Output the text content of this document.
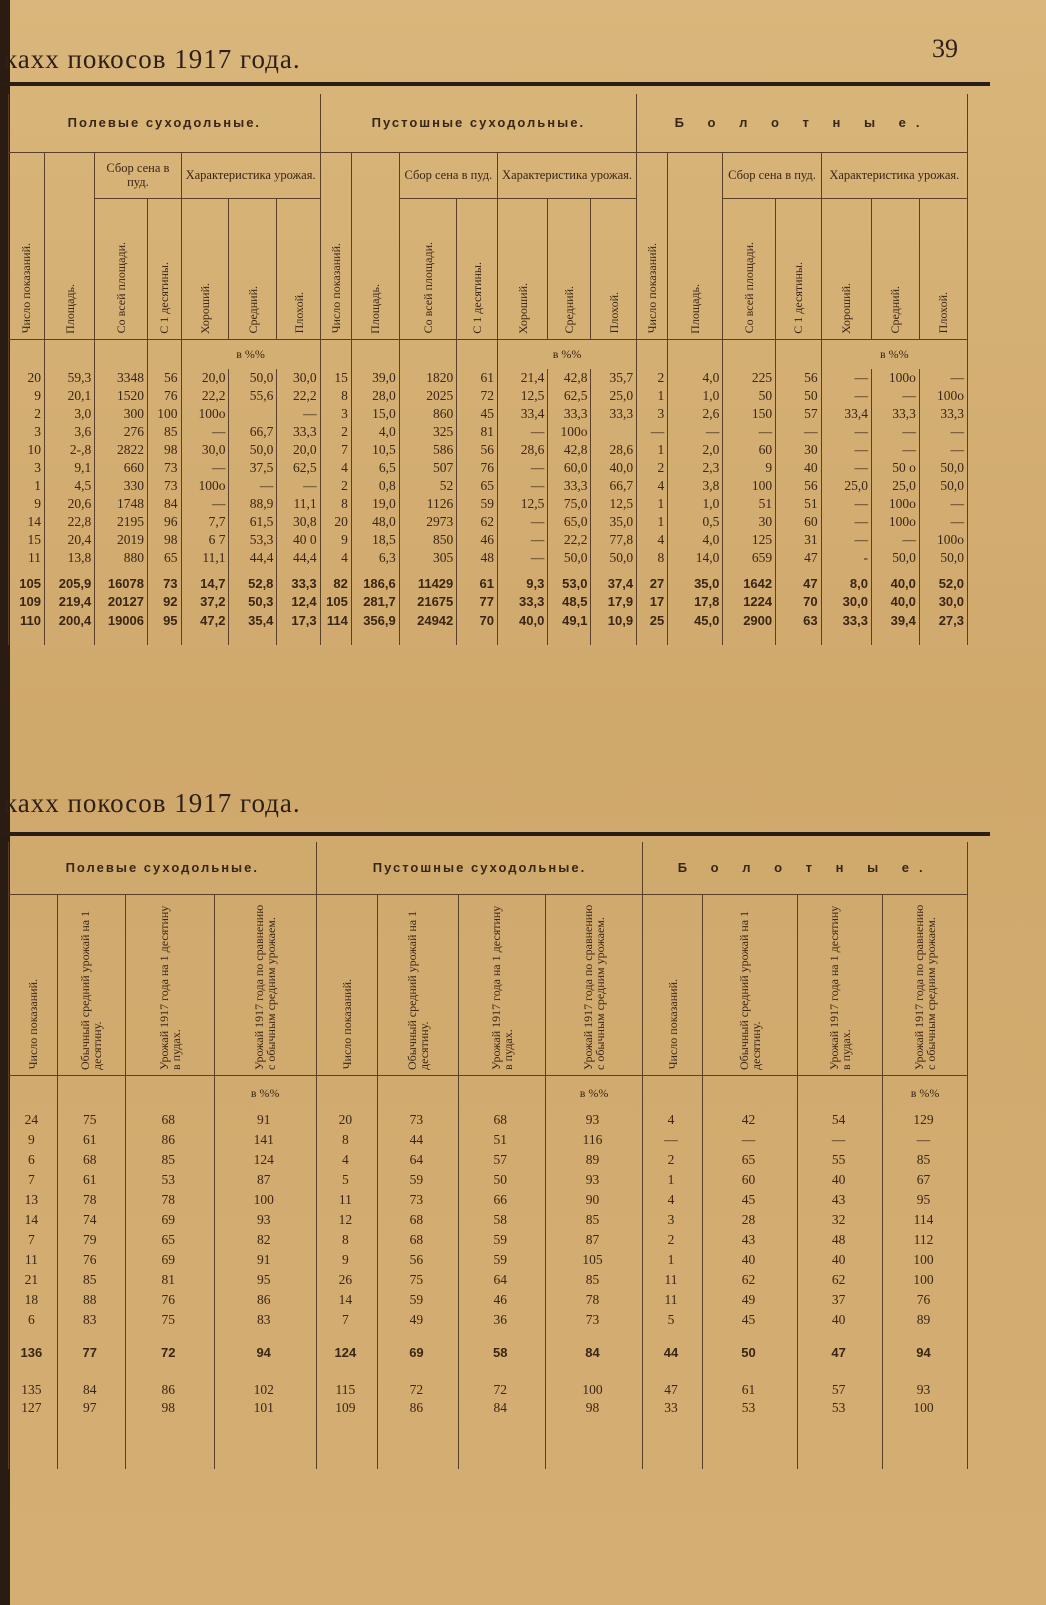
кахх покосов 1917 года.	39
Полевые суходольные.							Пустошные суходольные.							Б о л о т н ы е.						
Число показаний.	Площадь.	Сбор сена в пуд.		Характеристика урожая.			Число показаний.	Площадь.	Сбор сена в пуд.		Характеристика урожая.			Число показаний.	Площадь.	Сбор сена в пуд.		Характеристика урожая.		
		Со всей площади.	С 1 десятины.	Хороший.	Средний.	Плохой.			Со всей площади.	С 1 десятины.	Хороший.	Средний.	Плохой.			Со всей площади.	С 1 десятины.	Хороший.	Средний.	Плохой.
				в %%							в %%							в %%		
20	59,3	3348	56	20,0	50,0	30,0	15	39,0	1820	61	21,4	42,8	35,7	2	4,0	225	56	—	100o	—
9	20,1	1520	76	22,2	55,6	22,2	8	28,0	2025	72	12,5	62,5	25,0	1	1,0	50	50	—	—	100o
2	3,0	300	100	100o		—	3	15,0	860	45	33,4	33,3	33,3	3	2,6	150	57	33,4	33,3	33,3
3	3,6	276	85	—	66,7	33,3	2	4,0	325	81	—	100o		—	—	—	—	—	—	—
10	2-,8	2822	98	30,0	50,0	20,0	7	10,5	586	56	28,6	42,8	28,6	1	2,0	60	30	—	—	—
3	9,1	660	73	—	37,5	62,5	4	6,5	507	76	—	60,0	40,0	2	2,3	9	40	—	50 o	50,0
1	4,5	330	73	100o	—	—	2	0,8	52	65	—	33,3	66,7	4	3,8	100	56	25,0	25,0	50,0
9	20,6	1748	84	—	88,9	11,1	8	19,0	1126	59	12,5	75,0	12,5	1	1,0	51	51	—	100o	—
14	22,8	2195	96	7,7	61,5	30,8	20	48,0	2973	62	—	65,0	35,0	1	0,5	30	60	—	100o	—
15	20,4	2019	98	6 7	53,3	40 0	9	18,5	850	46	—	22,2	77,8	4	4,0	125	31	—	—	100o
11	13,8	880	65	11,1	44,4	44,4	4	6,3	305	48	—	50,0	50,0	8	14,0	659	47	-	50,0	50,0
105	205,9	16078	73	14,7	52,8	33,3	82	186,6	11429	61	9,3	53,0	37,4	27	35,0	1642	47	8,0	40,0	52,0
109	219,4	20127	92	37,2	50,3	12,4	105	281,7	21675	77	33,3	48,5	17,9	17	17,8	1224	70	30,0	40,0	30,0
110	200,4	19006	95	47,2	35,4	17,3	114	356,9	24942	70	40,0	49,1	10,9	25	45,0	2900	63	33,3	39,4	27,3

кахх покосов 1917 года.
Полевые суходольные.				Пустошные суходольные.				Б о л о т н ы е.			
Число показаний.	Обычный средний урожай на 1 десятину.	Урожай 1917 года на 1 десятину в пудах.	Урожай 1917 года по сравнению с обычным средним урожаем.	Число показаний.	Обычный средний урожай на 1 десятину.	Урожай 1917 года на 1 десятину в пудах.	Урожай 1917 года по сравнению с обычным средним урожаем.	Число показаний.	Обычный средний урожай на 1 десятину.	Урожай 1917 года на 1 десятину в пудах.	Урожай 1917 года по сравнению с обычным средним урожаем.
			в %%				в %%				в %%
24	75	68	91	20	73	68	93	4	42	54	129
9	61	86	141	8	44	51	116	—	—	—	—
6	68	85	124	4	64	57	89	2	65	55	85
7	61	53	87	5	59	50	93	1	60	40	67
13	78	78	100	11	73	66	90	4	45	43	95
14	74	69	93	12	68	58	85	3	28	32	114
7	79	65	82	8	68	59	87	2	43	48	112
11	76	69	91	9	56	59	105	1	40	40	100
21	85	81	95	26	75	64	85	11	62	62	100
18	88	76	86	14	59	46	78	11	49	37	76
6	83	75	83	7	49	36	73	5	45	40	89
136	77	72	94	124	69	58	84	44	50	47	94
135	84	86	102	115	72	72	100	47	61	57	93
127	97	98	101	109	86	84	98	33	53	53	100
